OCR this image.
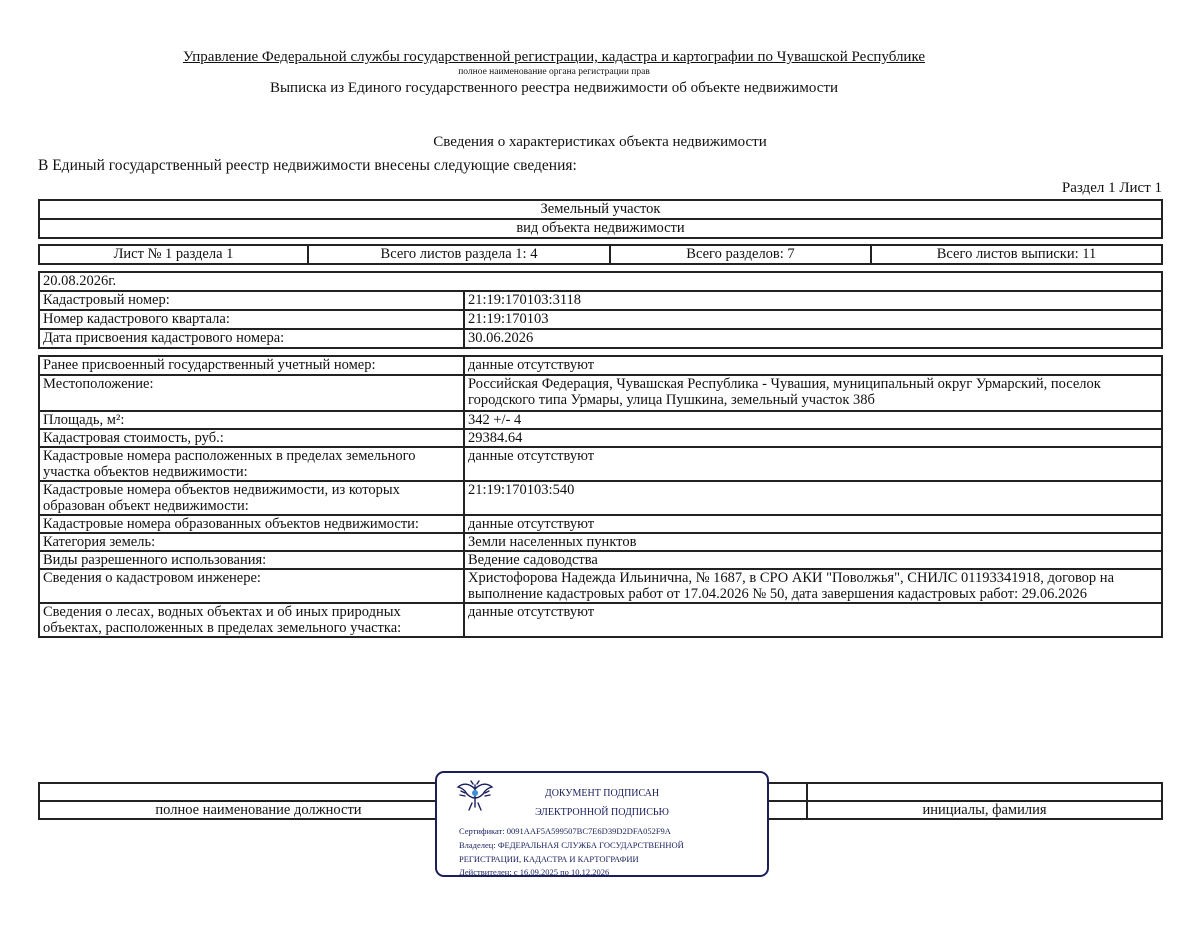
Управление Федеральной службы государственной регистрации, кадастра и картографии по Чувашской Республике
полное наименование органа регистрации прав
Выписка из Единого государственного реестра недвижимости об объекте недвижимости
Сведения о характеристиках объекта недвижимости
В Единый государственный реестр недвижимости внесены следующие сведения:
Раздел 1 Лист 1
Земельный участок
вид объекта недвижимости
Лист № 1 раздела 1	Всего листов раздела 1: 4	Всего разделов: 7	Всего листов выписки: 11
20.08.2026г.	
Кадастровый номер:	21:19:170103:3118
Номер кадастрового квартала:	21:19:170103
Дата присвоения кадастрового номера:	30.06.2026
Ранее присвоенный государственный учетный номер:	данные отсутствуют
Местоположение:	Российская Федерация, Чувашская Республика - Чувашия, муниципальный округ Урмарский, поселок городского типа Урмары, улица Пушкина, земельный участок 38б
Площадь, м²:	342 +/- 4
Кадастровая стоимость, руб.:	29384.64
Кадастровые номера расположенных в пределах земельного участка объектов недвижимости:	данные отсутствуют
Кадастровые номера объектов недвижимости, из которых образован объект недвижимости:	21:19:170103:540
Кадастровые номера образованных объектов недвижимости:	данные отсутствуют
Категория земель:	Земли населенных пунктов
Виды разрешенного использования:	Ведение садоводства
Сведения о кадастровом инженере:	Христофорова Надежда Ильинична, № 1687, в СРО АКИ "Поволжья", СНИЛС 01193341918, договор на выполнение кадастровых работ от 17.04.2026 № 50, дата завершения кадастровых работ: 29.06.2026
Сведения о лесах, водных объектах и об иных природных объектах, расположенных в пределах земельного участка:	данные отсутствуют

полное наименование должности		инициалы, фамилия
ДОКУМЕНТ ПОДПИСАН
ЭЛЕКТРОННОЙ ПОДПИСЬЮ
Сертификат: 0091AAF5A599507BC7E6D39D2DFA052F9A
Владелец: ФЕДЕРАЛЬНАЯ СЛУЖБА ГОСУДАРСТВЕННОЙ
РЕГИСТРАЦИИ, КАДАСТРА И КАРТОГРАФИИ
Действителен: с 16.09.2025 по 10.12.2026
